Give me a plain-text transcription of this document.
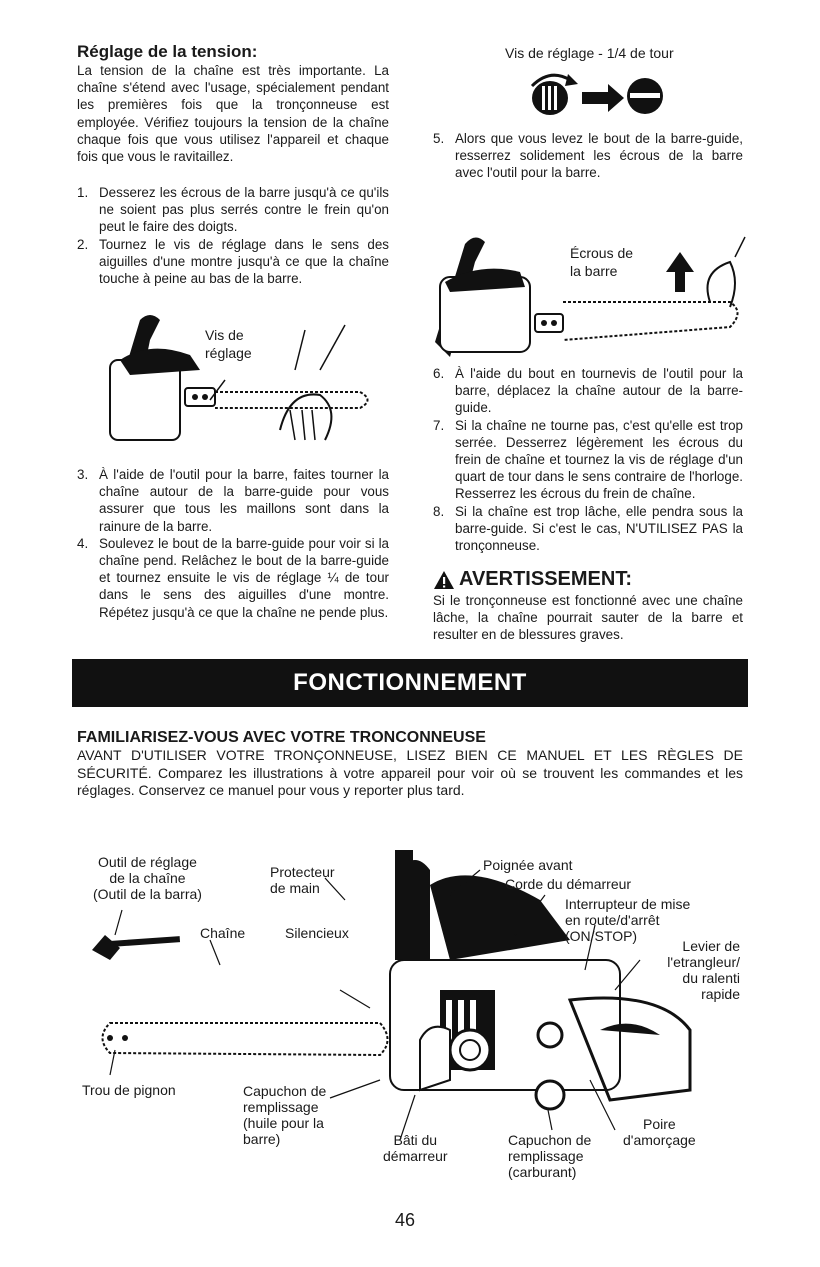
Réglage de la tension:
La tension de la chaîne est très importante. La chaîne s'étend avec l'usage, spécialement pendant les premières fois que la tronçonneuse est employée. Vérifiez toujours la tension de la chaîne chaque fois que vous utilisez l'appareil et chaque fois que vous le ravitaillez.
1. Desserez les écrous de la barre jusqu'à ce qu'ils ne soient pas plus serrés contre le frein qu'on peut le faire des doigts.
2. Tournez le vis de réglage dans le sens des aiguilles d'une montre jusqu'à ce que la chaîne touche à peine au bas de la barre.
Vis de
réglage
3. À l'aide de l'outil pour la barre, faites tourner la chaîne autour de la barre-guide pour vous assurer que tous les maillons sont dans la rainure de la barre.
4. Soulevez le bout de la barre-guide pour voir si la chaîne pend. Relâchez le bout de la barre-guide et tournez ensuite le vis de réglage ¼ de tour dans le sens des aiguilles d'une montre. Répétez jusqu'à ce que la chaîne ne pende plus.
Vis de réglage - 1/4 de tour
5. Alors que vous levez le bout de la barre-guide, resserrez solidement les écrous de la barre avec l'outil pour la barre.
Écrous de
la barre
6. À l'aide du bout en tournevis de l'outil pour la barre, déplacez la chaîne autour de la barre-guide.
7. Si la chaîne ne tourne pas, c'est qu'elle est trop serrée. Desserrez légèrement les écrous du frein de chaîne et tournez la vis de réglage d'un quart de tour dans le sens contraire de l'horloge. Resserrez les écrous du frein de chaîne.
8. Si la chaîne est trop lâche, elle pendra sous la barre-guide. Si c'est le cas, N'UTILISEZ PAS la tronçonneuse.
AVERTISSEMENT:
Si le tronçonneuse est fonctionné avec une chaîne lâche, la chaîne pourrait sauter de la barre et resulter en de blessures graves.
FONCTIONNEMENT
FAMILIARISEZ-VOUS AVEC VOTRE TRONCONNEUSE
AVANT D'UTILISER VOTRE TRONÇONNEUSE, LISEZ BIEN CE MANUEL ET LES RÈGLES DE SÉCURITÉ. Comparez les illustrations à votre appareil pour voir où se trouvent les commandes et les réglages. Conservez ce manuel pour vous y reporter plus tard.
Outil de réglage
de la chaîne
(Outil de la barra)
Protecteur
de main
Poignée avant
Corde du démarreur
Interrupteur de mise
en route/d'arrêt
(ON/STOP)
Levier de
l'etrangleur/
du ralenti
rapide
Chaîne	Silencieux
Trou de pignon	Capuchon de
remplissage
(huile pour la
barre)	Bâti du
démarreur
Capuchon de
remplissage
(carburant)
Poire
d'amorçage
46
